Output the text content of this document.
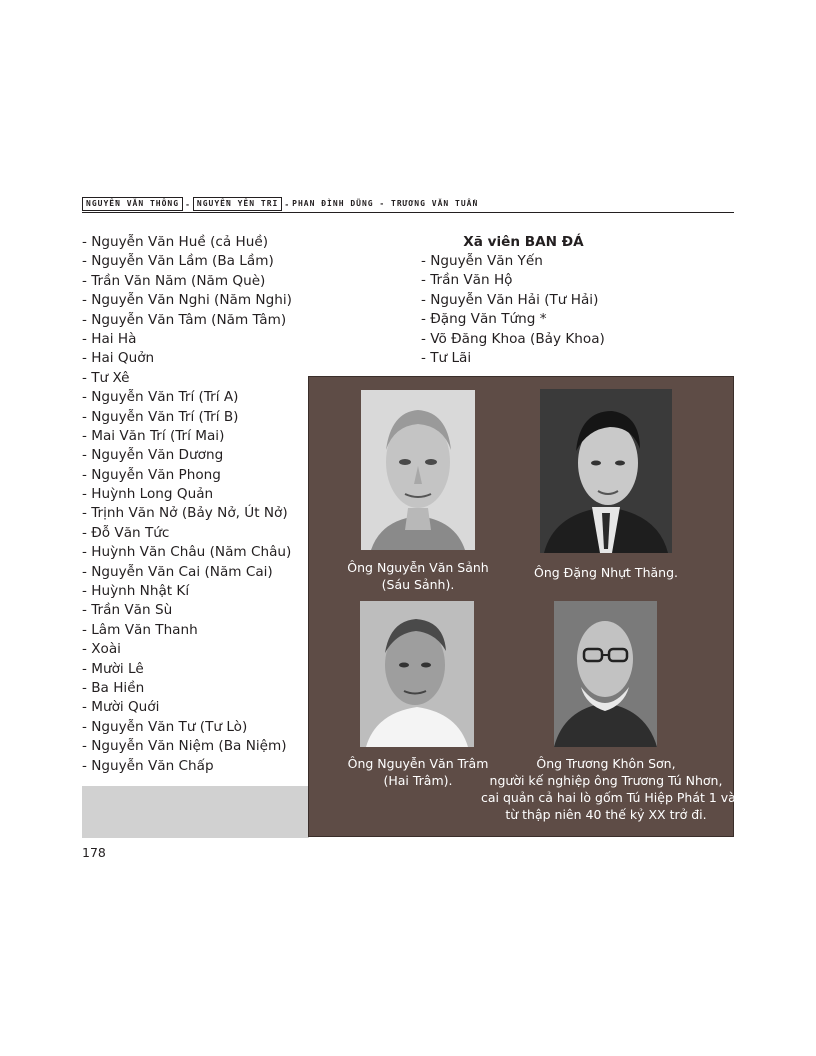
NGUYỄN VĂN THÔNG - NGUYỄN YÊN TRI - PHAN ĐÌNH DŨNG - TRƯƠNG VĂN TUẤN
- Nguyễn Văn Huề (cả Huề)
- Nguyễn Văn Lầm (Ba Lầm)
- Trần Văn Năm (Năm Què)
- Nguyễn Văn Nghi (Năm Nghi)
- Nguyễn Văn Tâm (Năm Tâm)
- Hai Hà
- Hai Quởn
- Tư Xê
- Nguyễn Văn Trí (Trí A)
- Nguyễn Văn Trí (Trí B)
- Mai Văn Trí (Trí Mai)
- Nguyễn Văn Dương
- Nguyễn Văn Phong
- Huỳnh Long Quản
- Trịnh Văn Nở (Bảy Nở, Út Nở)
- Đỗ Văn Tức
- Huỳnh Văn Châu (Năm Châu)
- Nguyễn Văn Cai (Năm Cai)
- Huỳnh Nhật Kí
- Trần Văn Sù
- Lâm Văn Thanh
- Xoài
- Mười Lê
- Ba Hiền
- Mười Quới
- Nguyễn Văn Tư (Tư Lò)
- Nguyễn Văn Niệm (Ba Niệm)
- Nguyễn Văn Chấp
Xã viên BAN ĐÁ
- Nguyễn Văn Yến
- Trần Văn Hộ
- Nguyễn Văn Hải (Tư Hải)
- Đặng Văn Tứng *
- Võ Đăng Khoa (Bảy Khoa)
- Tư Lãi
Ông Nguyễn Văn Sảnh
(Sáu Sảnh).
Ông Đặng Nhựt Thăng.
Ông Nguyễn Văn Trâm
(Hai Trâm).
Ông Trương Khôn Sơn,
người kế nghiệp ông Trương Tú Nhơn,
cai quản cả hai lò gốm Tú Hiệp Phát 1 và 2
từ thập niên 40 thế kỷ XX trở đi.
178
